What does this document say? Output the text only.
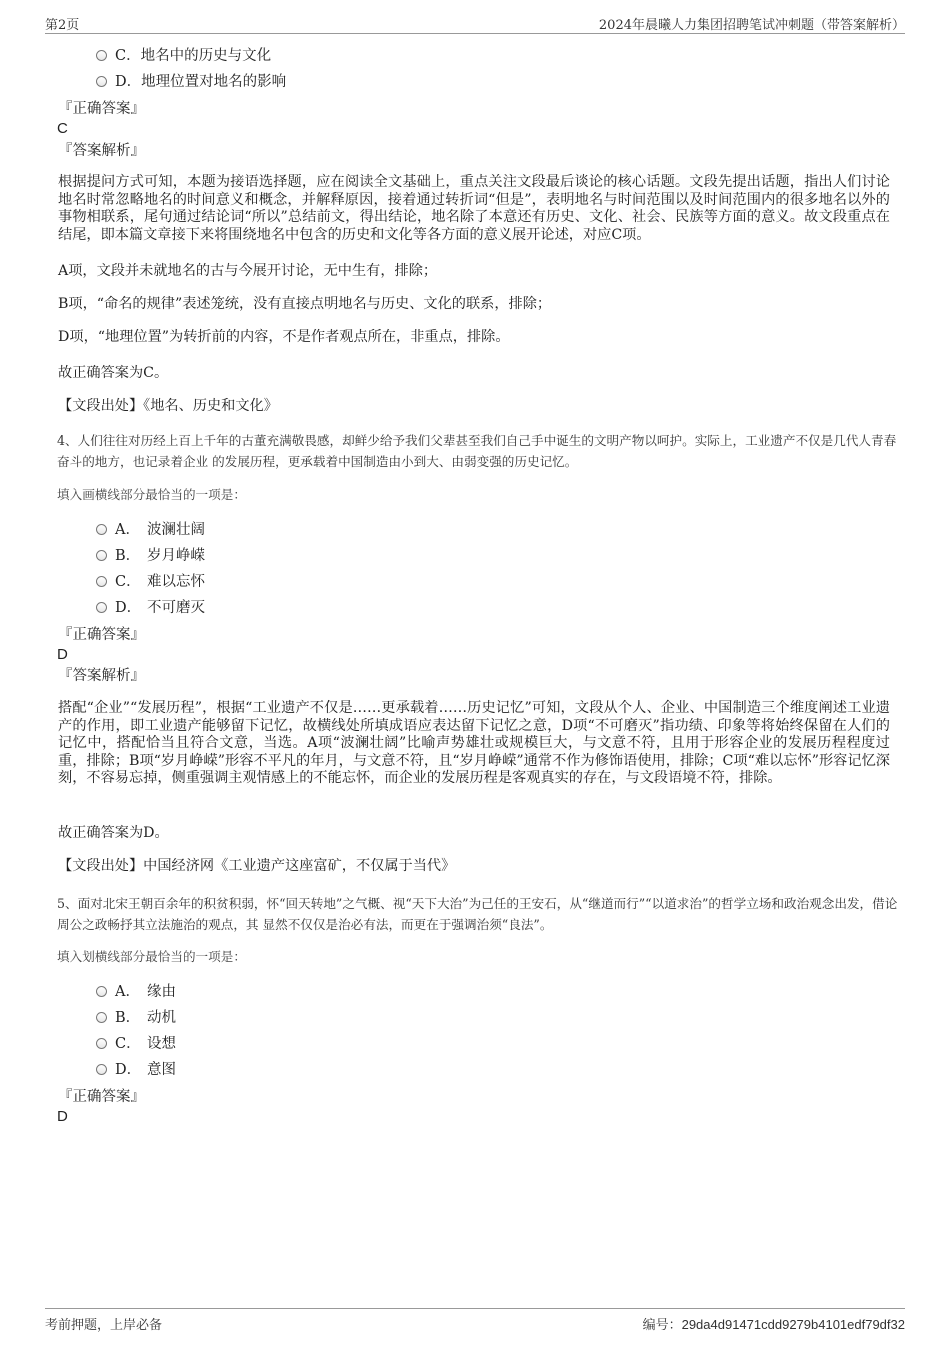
第2页	2024年晨曦人力集团招聘笔试冲刺题（带答案解析）
C．地名中的历史与文化
D．地理位置对地名的影响
『正确答案』
C
『答案解析』
根据提问方式可知，本题为接语选择题，应在阅读全文基础上，重点关注文段最后谈论的核心话题。文段先提出话题，指出人们讨论地名时常忽略地名的时间意义和概念，并解释原因，接着通过转折词“但是”，表明地名与时间范围以及时间范围内的很多地名以外的事物相联系，尾句通过结论词“所以”总结前文，得出结论，地名除了本意还有历史、文化、社会、民族等方面的意义。故文段重点在结尾，即本篇文章接下来将围绕地名中包含的历史和文化等各方面的意义展开论述，对应C项。
A项，文段并未就地名的古与今展开讨论，无中生有，排除；
B项，“命名的规律”表述笼统，没有直接点明地名与历史、文化的联系，排除；
D项，“地理位置”为转折前的内容，不是作者观点所在，非重点，排除。
故正确答案为C。
【文段出处】《地名、历史和文化》
4、人们往往对历经上百上千年的古董充满敬畏感，却鲜少给予我们父辈甚至我们自己手中诞生的文明产物以呵护。实际上，工业遗产不仅是几代人青春奋斗的地方，也记录着企业 的发展历程，更承载着中国制造由小到大、由弱变强的历史记忆。
填入画横线部分最恰当的一项是：
A． 波澜壮阔
B． 岁月峥嵘
C． 难以忘怀
D． 不可磨灭
『正确答案』
D
『答案解析』
搭配“企业”“发展历程”，根据“工业遗产不仅是……更承载着……历史记忆”可知，文段从个人、企业、中国制造三个维度阐述工业遗产的作用，即工业遗产能够留下记忆，故横线处所填成语应表达留下记忆之意，D项“不可磨灭”指功绩、印象等将始终保留在人们的记忆中，搭配恰当且符合文意，当选。A项“波澜壮阔”比喻声势雄壮或规模巨大，与文意不符，且用于形容企业的发展历程程度过重，排除；B项“岁月峥嵘”形容不平凡的年月，与文意不符，且“岁月峥嵘”通常不作为修饰语使用，排除；C项“难以忘怀”形容记忆深刻，不容易忘掉，侧重强调主观情感上的不能忘怀，而企业的发展历程是客观真实的存在，与文段语境不符，排除。
故正确答案为D。
【文段出处】中国经济网《工业遗产这座富矿，不仅属于当代》
5、面对北宋王朝百余年的积贫积弱，怀“回天转地”之气概、视“天下大治”为己任的王安石，从“继道而行”“以道求治”的哲学立场和政治观念出发，借论周公之政畅抒其立法施治的观点，其 显然不仅仅是治必有法，而更在于强调治须“良法”。
填入划横线部分最恰当的一项是：
A． 缘由
B． 动机
C． 设想
D． 意图
『正确答案』
D
考前押题，上岸必备	编号：29da4d91471cdd9279b4101edf79df32
